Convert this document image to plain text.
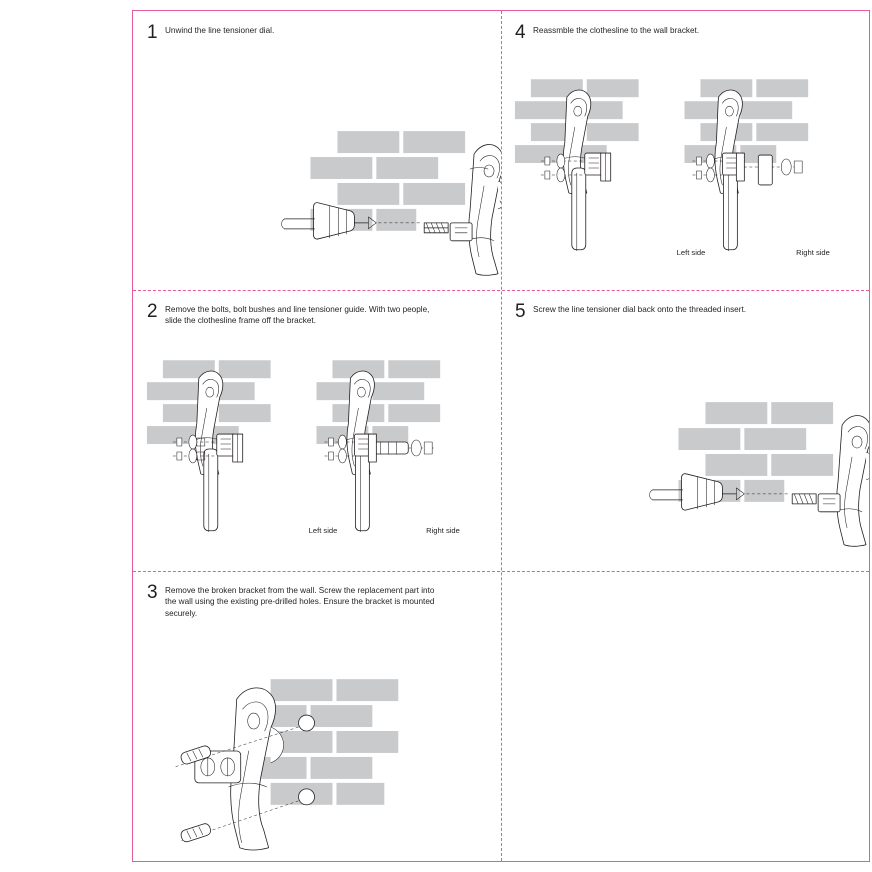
1 Unwind the line tensioner dial.
2 Remove the bolts, bolt bushes and line tensioner guide. With two people, slide the clothesline frame off the bracket.
Left side	Right side
3 Remove the broken bracket from the wall. Screw the replacement part into the wall using the existing pre-drilled holes. Ensure the bracket is mounted securely.
4 Reassmble the clothesline to the wall bracket.
Left side	Right side
5 Screw the line tensioner dial back onto the threaded insert.
